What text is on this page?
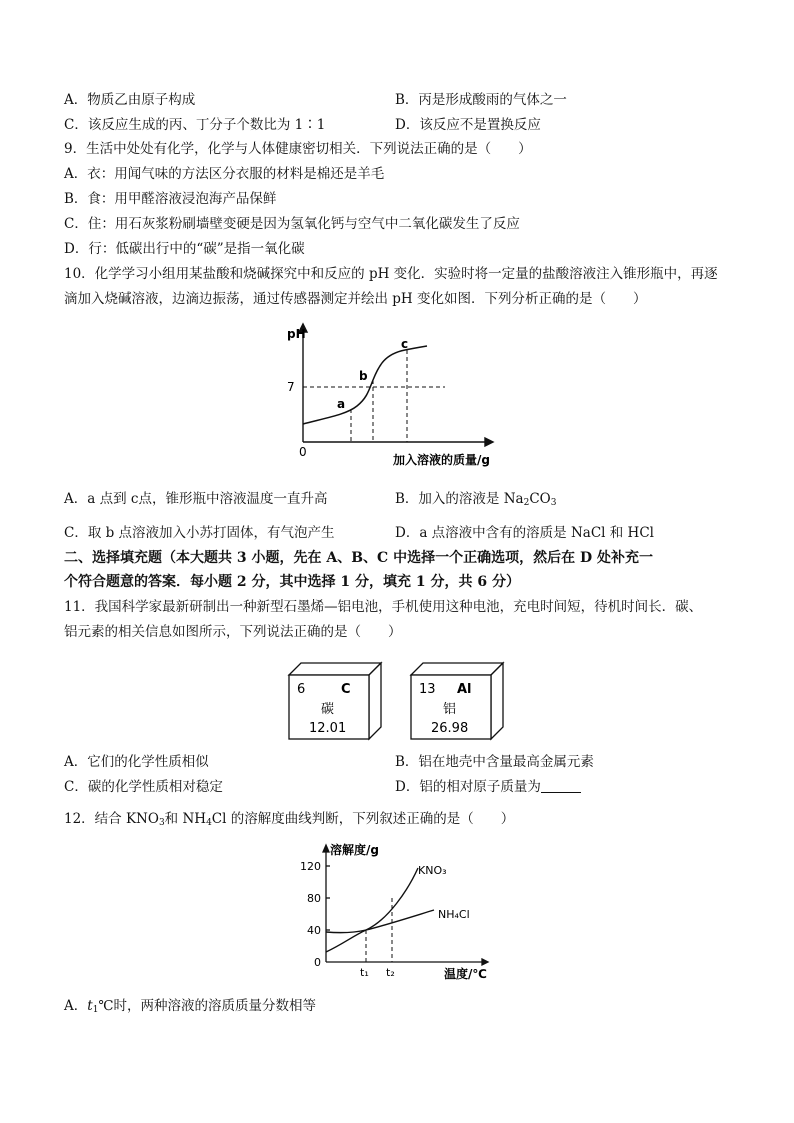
A．物质乙由原子构成	B．丙是形成酸雨的气体之一
C．该反应生成的丙、丁分子个数比为 1∶1	D．该反应不是置换反应
9．生活中处处有化学，化学与人体健康密切相关．下列说法正确的是（　　）
A．衣：用闻气味的方法区分衣服的材料是棉还是羊毛
B．食：用甲醛溶液浸泡海产品保鲜
C．住：用石灰浆粉刷墙壁变硬是因为氢氧化钙与空气中二氧化碳发生了反应
D．行：低碳出行中的“碳”是指一氧化碳
10．化学学习小组用某盐酸和烧碱探究中和反应的 pH 变化．实验时将一定量的盐酸溶液注入锥形瓶中，再逐
滴加入烧碱溶液，边滴边振荡，通过传感器测定并绘出 pH 变化如图．下列分析正确的是（　　）
pH
7
0
a
b
c
加入溶液的质量/g
A．a 点到 c点，锥形瓶中溶液温度一直升高	B．加入的溶液是 $Na_2CO_3$
C．取 b 点溶液加入小苏打固体，有气泡产生	D．a 点溶液中含有的溶质是 NaCl 和 HCl
二、选择填充题（本大题共 3 小题，先在 A、B、C 中选择一个正确选项，然后在 D 处补充一
个符合题意的答案．每小题 2 分，其中选择 1 分，填充 1 分，共 6 分）
11．我国科学家最新研制出一种新型石墨烯—铝电池，手机使用这种电池，充电时间短，待机时间长．碳、
铝元素的相关信息如图所示，下列说法正确的是（　　）
6	C
碳
12.01
13 Al
铝
26.98
A．它们的化学性质相似	B．铝在地壳中含量最高金属元素
C．碳的化学性质相对稳定	D．铝的相对原子质量为
12．结合 $KNO_3$和 $NH_4Cl$ 的溶解度曲线判断，下列叙述正确的是（　　）
溶解度/g
120
80
40
0
t₁ t₂
KNO₃
NH₄Cl
温度/℃
A．$t_1℃$时，两种溶液的溶质质量分数相等
